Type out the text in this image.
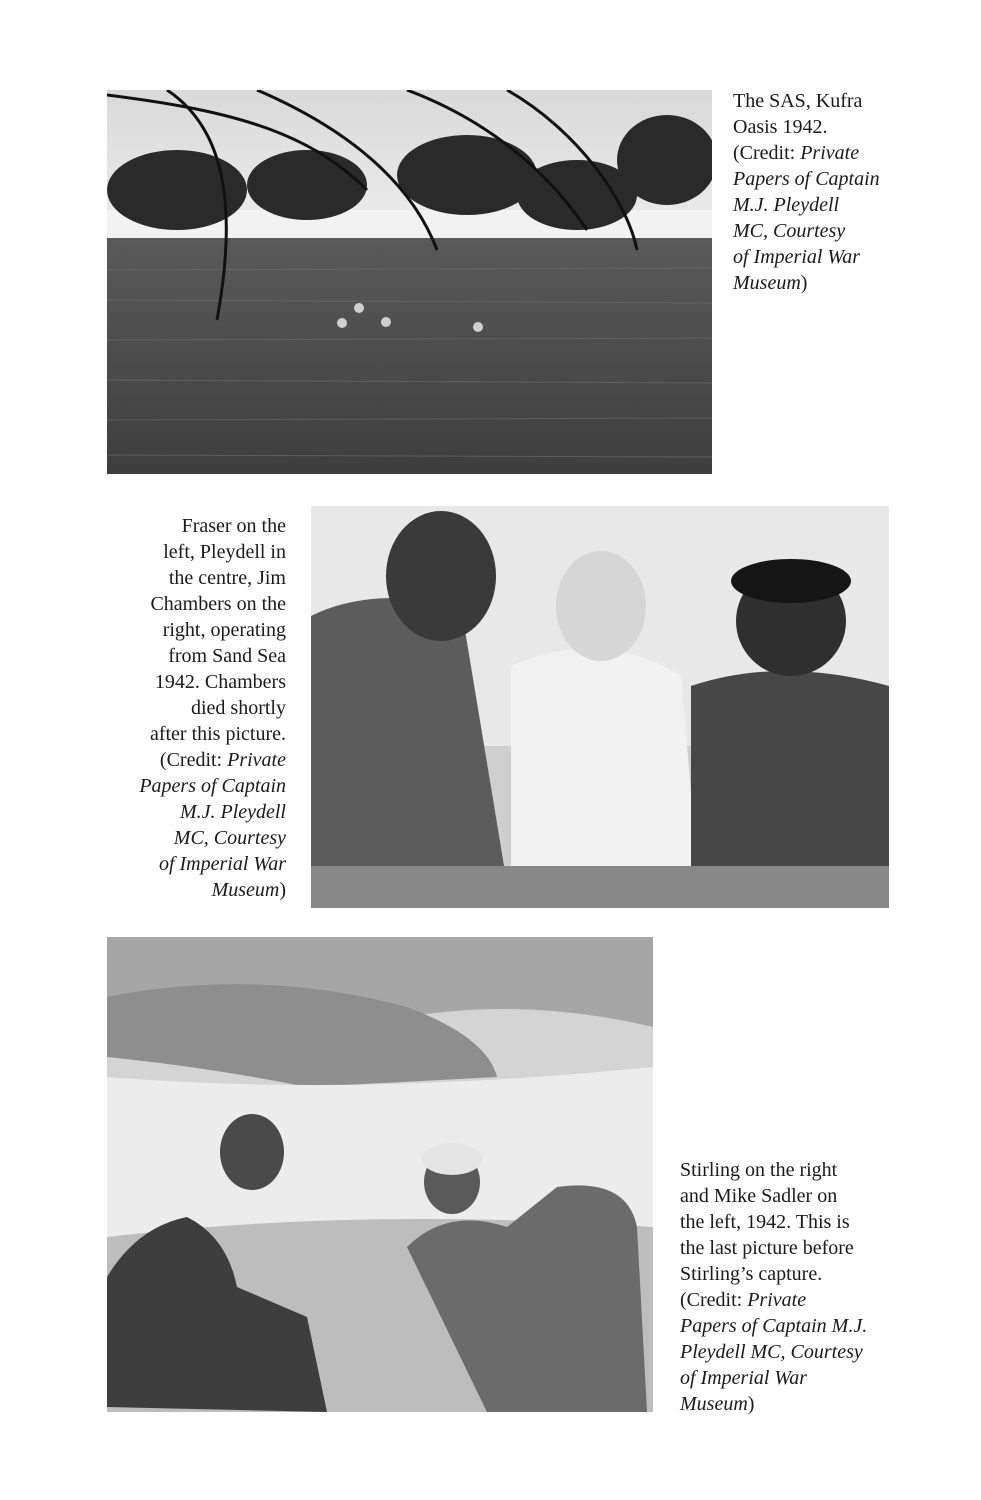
The SAS, Kufra
Oasis 1942.
(Credit: Private
Papers of Captain
M.J. Pleydell
MC, Courtesy
of Imperial War
Museum)
Fraser on the
left, Pleydell in
the centre, Jim
Chambers on the
right, operating
from Sand Sea
1942. Chambers
died shortly
after this picture.
(Credit: Private
Papers of Captain
M.J. Pleydell
MC, Courtesy
of Imperial War
Museum)
Stirling on the right
and Mike Sadler on
the left, 1942. This is
the last picture before
Stirling’s capture.
(Credit: Private
Papers of Captain M.J.
Pleydell MC, Courtesy
of Imperial War
Museum)
